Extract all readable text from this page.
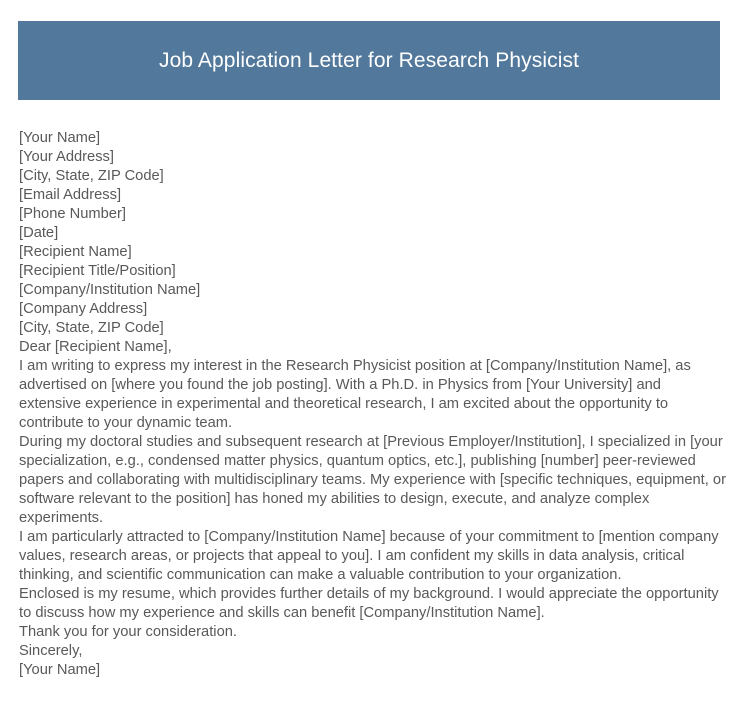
Job Application Letter for Research Physicist
[Your Name]
[Your Address]
[City, State, ZIP Code]
[Email Address]
[Phone Number]
[Date]
[Recipient Name]
[Recipient Title/Position]
[Company/Institution Name]
[Company Address]
[City, State, ZIP Code]
Dear [Recipient Name],

I am writing to express my interest in the Research Physicist position at [Company/Institution Name], as advertised on [where you found the job posting]. With a Ph.D. in Physics from [Your University] and extensive experience in experimental and theoretical research, I am excited about the opportunity to contribute to your dynamic team.

During my doctoral studies and subsequent research at [Previous Employer/Institution], I specialized in [your specialization, e.g., condensed matter physics, quantum optics, etc.], publishing [number] peer-reviewed papers and collaborating with multidisciplinary teams. My experience with [specific techniques, equipment, or software relevant to the position] has honed my abilities to design, execute, and analyze complex experiments.

I am particularly attracted to [Company/Institution Name] because of your commitment to [mention company values, research areas, or projects that appeal to you]. I am confident my skills in data analysis, critical thinking, and scientific communication can make a valuable contribution to your organization.

Enclosed is my resume, which provides further details of my background. I would appreciate the opportunity to discuss how my experience and skills can benefit [Company/Institution Name].

Thank you for your consideration.

Sincerely,
[Your Name]
